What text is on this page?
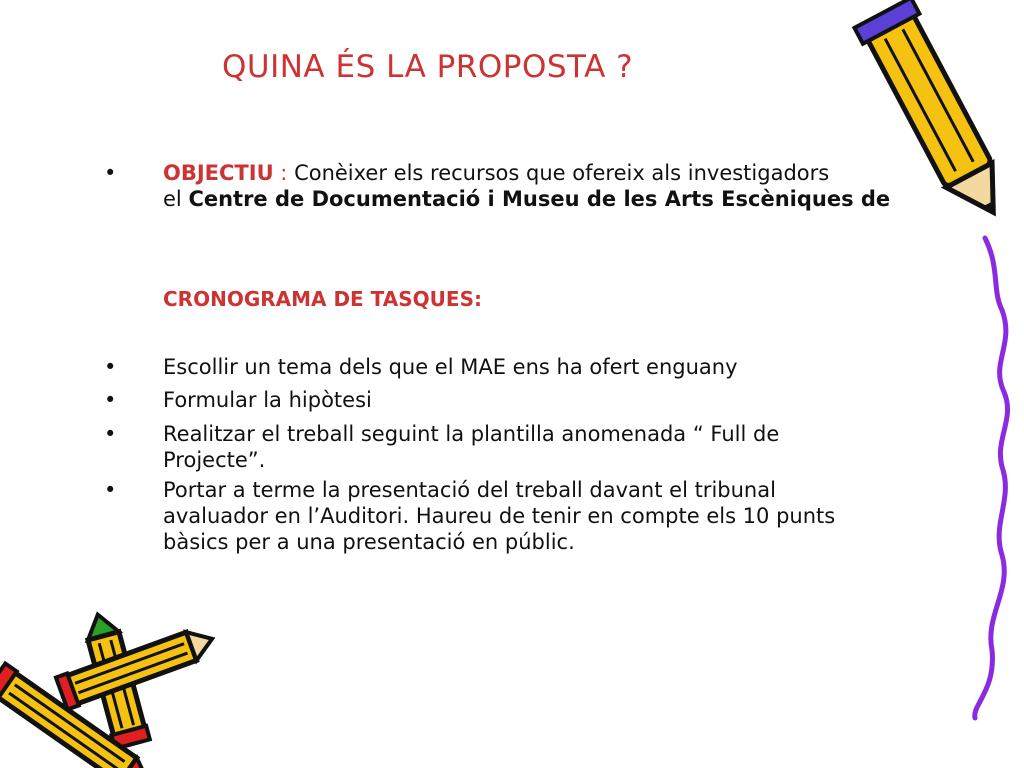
QUINA ÉS LA PROPOSTA ?
•	OBJECTIU : Conèixer els recursos que ofereix als investigadors
el Centre de Documentació i Museu de les Arts Escèniques de
CRONOGRAMA DE TASQUES:
•	Escollir un tema dels que el MAE ens ha ofert enguany
•	Formular la hipòtesi
•	Realitzar el treball seguint la plantilla anomenada “ Full de
Projecte”.
•	Portar a terme la presentació del treball davant el tribunal
avaluador en l’Auditori. Haureu de tenir en compte els 10 punts
bàsics per a una presentació en públic.
